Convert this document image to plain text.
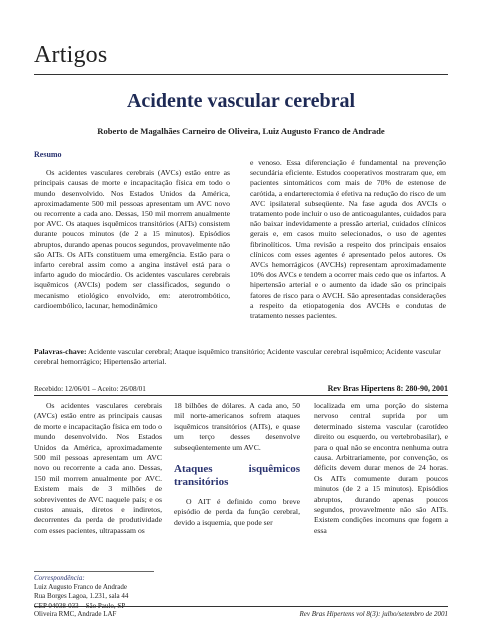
Artigos
Acidente vascular cerebral
Roberto de Magalhães Carneiro de Oliveira, Luiz Augusto Franco de Andrade
Resumo
Os acidentes vasculares cerebrais (AVCs) estão entre as principais causas de morte e incapacitação física em todo o mundo desenvolvido. Nos Estados Unidos da América, aproximadamente 500 mil pessoas apresentam um AVC novo ou recorrente a cada ano. Dessas, 150 mil morrem anualmente por AVC. Os ataques isquêmicos transitórios (AITs) consistem durante poucos minutos (de 2 a 15 minutos). Episódios abruptos, durando apenas poucos segundos, provavelmente não são AITs. Os AITs constituem uma emergência. Estão para o infarto cerebral assim como a angina instável está para o infarto agudo do miocárdio. Os acidentes vasculares cerebrais isquêmicos (AVCIs) podem ser classificados, segundo o mecanismo etiológico envolvido, em: aterotrombótico, cardioembólico, lacunar, hemodinâmico
e venoso. Essa diferenciação é fundamental na prevenção secundária eficiente. Estudos cooperativos mostraram que, em pacientes sintomáticos com mais de 70% de estenose de carótida, a endarterectomia é efetiva na redução do risco de um AVC ipsilateral subseqüente. Na fase aguda dos AVCIs o tratamento pode incluir o uso de anticoagulantes, cuidados para não baixar indevidamente a pressão arterial, cuidados clínicos gerais e, em casos muito selecionados, o uso de agentes fibrinolíticos. Uma revisão a respeito dos principais ensaios clínicos com esses agentes é apresentado pelos autores. Os AVCs hemorrágicos (AVCHs) representam aproximadamente 10% dos AVCs e tendem a ocorrer mais cedo que os infartos. A hipertensão arterial e o aumento da idade são os principais fatores de risco para o AVCH. São apresentadas considerações a respeito da etiopatogenia dos AVCHs e condutas de tratamento nesses pacientes.
Palavras-chave: Acidente vascular cerebral; Ataque isquêmico transitório; Acidente vascular cerebral isquêmico; Acidente vascular cerebral hemorrágico; Hipertensão arterial.
Recebido: 12/06/01 – Aceito: 26/08/01	Rev Bras Hipertens 8: 280-90, 2001
Os acidentes vasculares cerebrais (AVCs) estão entre as principais causas de morte e incapacitação física em todo o mundo desenvolvido. Nos Estados Unidos da América, aproximadamente 500 mil pessoas apresentam um AVC novo ou recorrente a cada ano. Dessas, 150 mil morrem anualmente por AVC. Existem mais de 3 milhões de sobreviventes de AVC naquele país; e os custos anuais, diretos e indiretos, decorrentes da perda de produtividade com esses pacientes, ultrapassam os
18 bilhões de dólares. A cada ano, 50 mil norte-americanos sofrem ataques isquêmicos transitórios (AITs), e quase um terço desses desenvolve subseqüentemente um AVC.
Ataques isquêmicos transitórios
O AIT é definido como breve episódio de perda da função cerebral, devido a isquemia, que pode ser
localizada em uma porção do sistema nervoso central suprida por um determinado sistema vascular (carotídeo direito ou esquerdo, ou vertebrobasilar), e para o qual não se encontra nenhuma outra causa. Arbitrariamente, por convenção, os déficits devem durar menos de 24 horas. Os AITs comumente duram poucos minutos (de 2 a 15 minutos). Episódios abruptos, durando apenas poucos segundos, provavelmente não são AITs. Existem condições incomuns que fogem a essa
Correspondência:
Luiz Augusto Franco de Andrade
Rua Borges Lagoa, 1.231, sala 44
CEP 04038-033 – São Paulo, SP
Oliveira RMC, Andrade LAF	Rev Bras Hipertens vol 8(3): julho/setembro de 2001
